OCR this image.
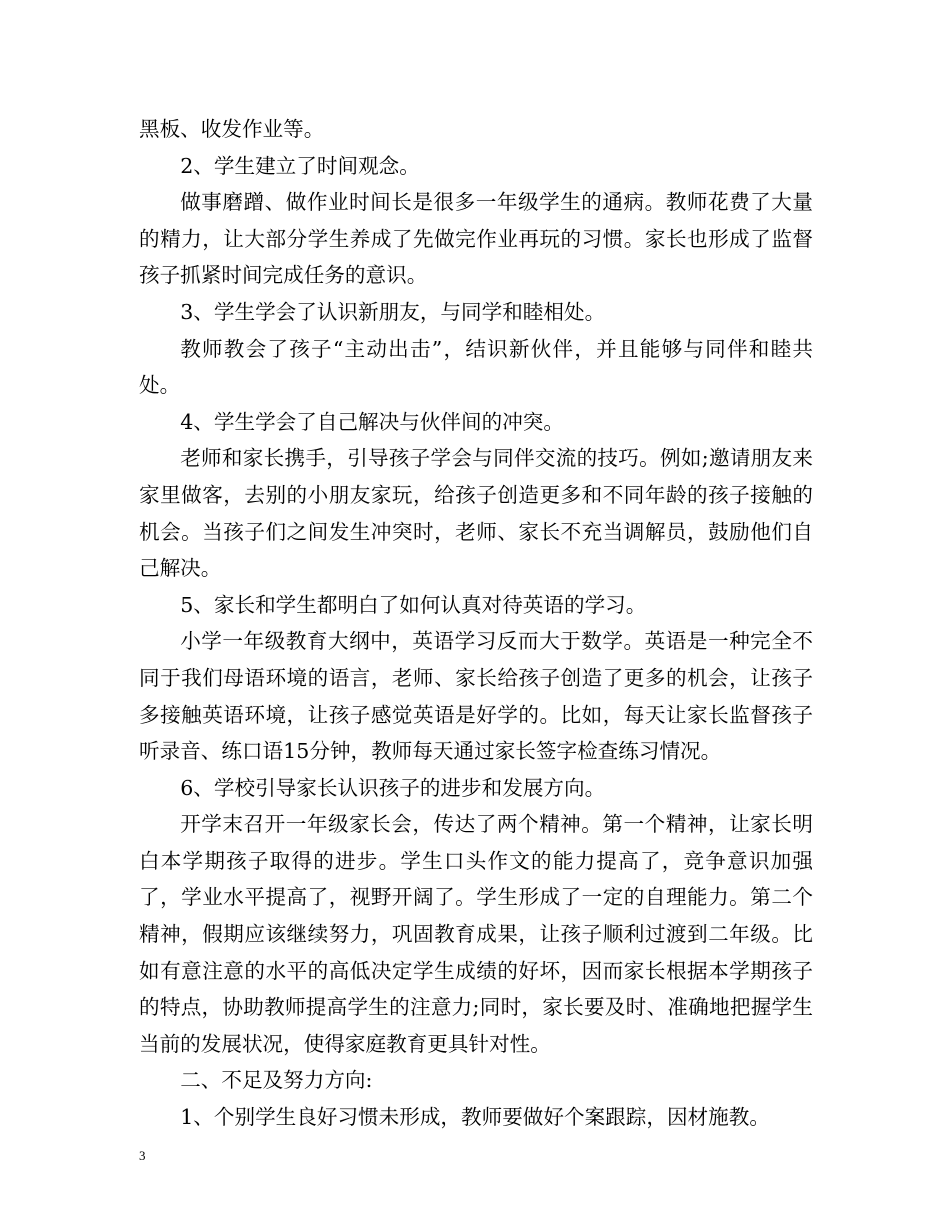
黑板、收发作业等。

2、学生建立了时间观念。

做事磨蹭、做作业时间长是很多一年级学生的通病。教师花费了大量的精力，让大部分学生养成了先做完作业再玩的习惯。家长也形成了监督孩子抓紧时间完成任务的意识。

3、学生学会了认识新朋友，与同学和睦相处。

教师教会了孩子“主动出击”，结识新伙伴，并且能够与同伴和睦共处。

4、学生学会了自己解决与伙伴间的冲突。

老师和家长携手，引导孩子学会与同伴交流的技巧。例如;邀请朋友来家里做客，去别的小朋友家玩，给孩子创造更多和不同年龄的孩子接触的机会。当孩子们之间发生冲突时，老师、家长不充当调解员，鼓励他们自己解决。

5、家长和学生都明白了如何认真对待英语的学习。

小学一年级教育大纲中，英语学习反而大于数学。英语是一种完全不同于我们母语环境的语言，老师、家长给孩子创造了更多的机会，让孩子多接触英语环境，让孩子感觉英语是好学的。比如，每天让家长监督孩子听录音、练口语15分钟，教师每天通过家长签字检查练习情况。

6、学校引导家长认识孩子的进步和发展方向。

开学末召开一年级家长会，传达了两个精神。第一个精神，让家长明白本学期孩子取得的进步。学生口头作文的能力提高了，竞争意识加强了，学业水平提高了，视野开阔了。学生形成了一定的自理能力。第二个精神，假期应该继续努力，巩固教育成果，让孩子顺利过渡到二年级。比如有意注意的水平的高低决定学生成绩的好坏，因而家长根据本学期孩子的特点，协助教师提高学生的注意力;同时，家长要及时、准确地把握学生当前的发展状况，使得家庭教育更具针对性。

二、不足及努力方向:

1、个别学生良好习惯未形成，教师要做好个案跟踪，因材施教。

3
